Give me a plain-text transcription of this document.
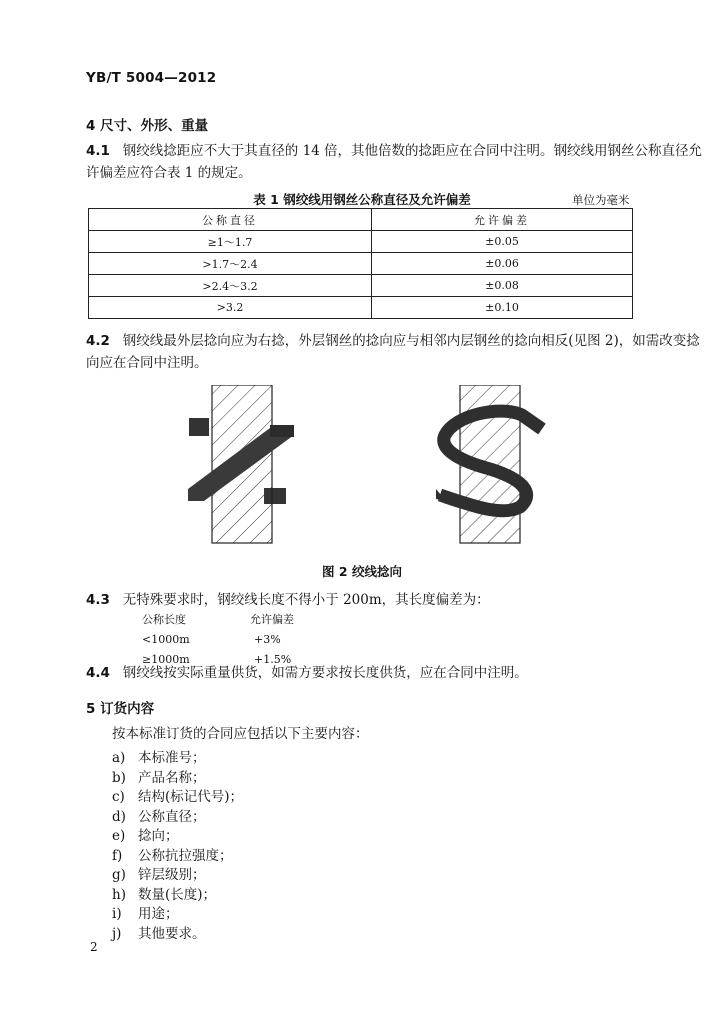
YB/T 5004—2012
4 尺寸、外形、重量
4.1 钢绞线捻距应不大于其直径的 14 倍，其他倍数的捻距应在合同中注明。钢绞线用钢丝公称直径允
许偏差应符合表 1 的规定。
表 1 钢绞线用钢丝公称直径及允许偏差	单位为毫米
公称直径	允许偏差
≥1～1.7	±0.05
>1.7～2.4	±0.06
>2.4～3.2	±0.08
>3.2	±0.10
4.2 钢绞线最外层捻向应为右捻，外层钢丝的捻向应与相邻内层钢丝的捻向相反(见图 2)，如需改变捻
向应在合同中注明。
图 2 绞线捻向
4.3 无特殊要求时，钢绞线长度不得小于 200m，其长度偏差为：
公称长度	允许偏差
<1000m	+3%
≥1000m	+1.5%
4.4 钢绞线按实际重量供货，如需方要求按长度供货，应在合同中注明。
5 订货内容
按本标准订货的合同应包括以下主要内容：
a) 本标准号；
b) 产品名称；
c) 结构(标记代号)；
d) 公称直径；
e) 捻向；
f) 公称抗拉强度；
g) 锌层级别；
h) 数量(长度)；
i) 用途；
j) 其他要求。
2
